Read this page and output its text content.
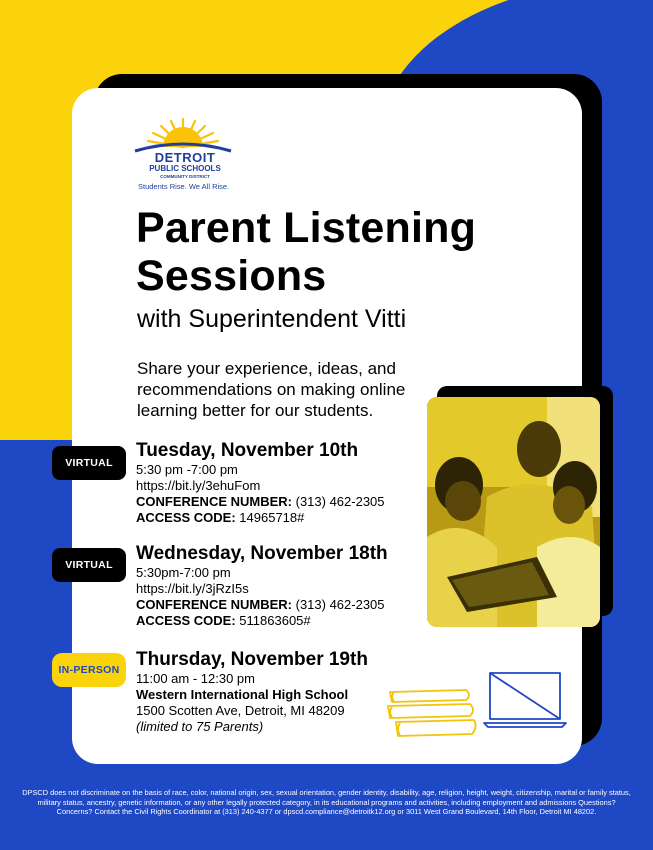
DETROIT
PUBLIC SCHOOLS
COMMUNITY DISTRICT
Students Rise. We All Rise.
Parent Listening Sessions
with Superintendent Vitti

Share your experience, ideas, and recommendations on making online learning better for our students.

VIRTUAL
Tuesday, November 10th
5:30 pm -7:00 pm
https://bit.ly/3ehuFom
CONFERENCE NUMBER: (313) 462-2305
ACCESS CODE: 14965718#
VIRTUAL
Wednesday, November 18th
5:30pm-7:00 pm
https://bit.ly/3jRzI5s
CONFERENCE NUMBER: (313) 462-2305
ACCESS CODE: 511863605#
IN-PERSON Thursday, November 19th
11:00 am - 12:30 pm
Western International High School
1500 Scotten Ave, Detroit, MI 48209
(limited to 75 Parents)
DPSCD does not discriminate on the basis of race, color, national origin, sex, sexual orientation, gender identity, disability, age, religion, height, weight, citizenship, marital or family status, military status, ancestry, genetic information, or any other legally protected category, in its educational programs and activities, including employment and admissions Questions? Concerns? Contact the Civil Rights Coordinator at (313) 240-4377 or dpscd.compliance@detroitk12.org or 3011 West Grand Boulevard, 14th Floor, Detroit MI 48202.
